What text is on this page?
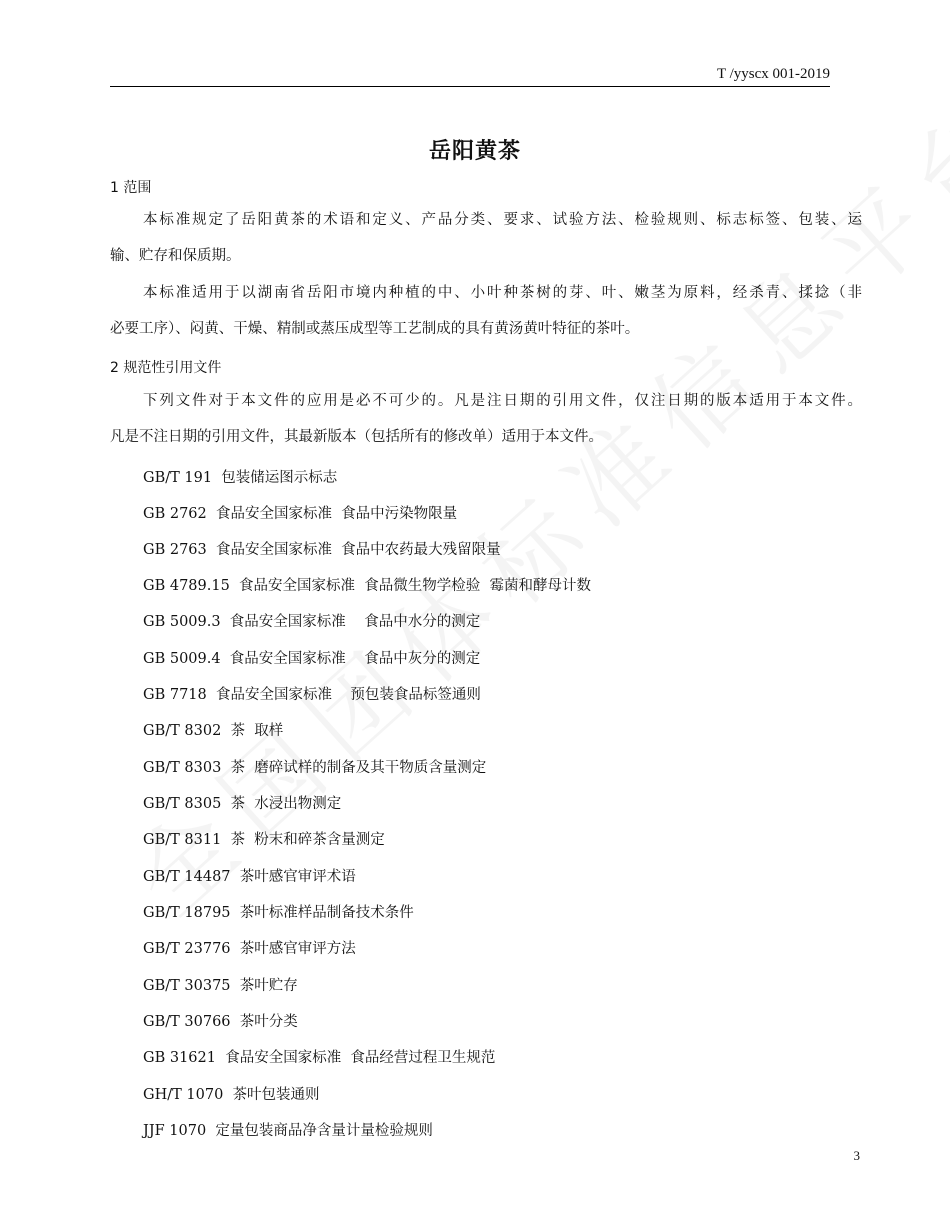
T /yyscx 001-2019
岳阳黄茶
1 范围

本标准规定了岳阳黄茶的术语和定义、产品分类、要求、试验方法、检验规则、标志标签、包装、运
输、贮存和保质期。

本标准适用于以湖南省岳阳市境内种植的中、小叶种茶树的芽、叶、嫩茎为原料，经杀青、揉捻（非
必要工序）、闷黄、干燥、精制或蒸压成型等工艺制成的具有黄汤黄叶特征的茶叶。

2 规范性引用文件

下列文件对于本文件的应用是必不可少的。凡是注日期的引用文件，仅注日期的版本适用于本文件。
凡是不注日期的引用文件，其最新版本（包括所有的修改单）适用于本文件。

GB/T 191  包装储运图示标志
GB 2762  食品安全国家标准  食品中污染物限量
GB 2763  食品安全国家标准  食品中农药最大残留限量
GB 4789.15  食品安全国家标准  食品微生物学检验  霉菌和酵母计数
GB 5009.3  食品安全国家标准    食品中水分的测定
GB 5009.4  食品安全国家标准    食品中灰分的测定
GB 7718  食品安全国家标准    预包装食品标签通则
GB/T 8302  茶  取样
GB/T 8303  茶  磨碎试样的制备及其干物质含量测定
GB/T 8305  茶  水浸出物测定
GB/T 8311  茶  粉末和碎茶含量测定
GB/T 14487  茶叶感官审评术语
GB/T 18795  茶叶标准样品制备技术条件
GB/T 23776  茶叶感官审评方法
GB/T 30375  茶叶贮存
GB/T 30766  茶叶分类
GB 31621  食品安全国家标准  食品经营过程卫生规范
GH/T 1070  茶叶包装通则
JJF 1070  定量包装商品净含量计量检验规则
3
